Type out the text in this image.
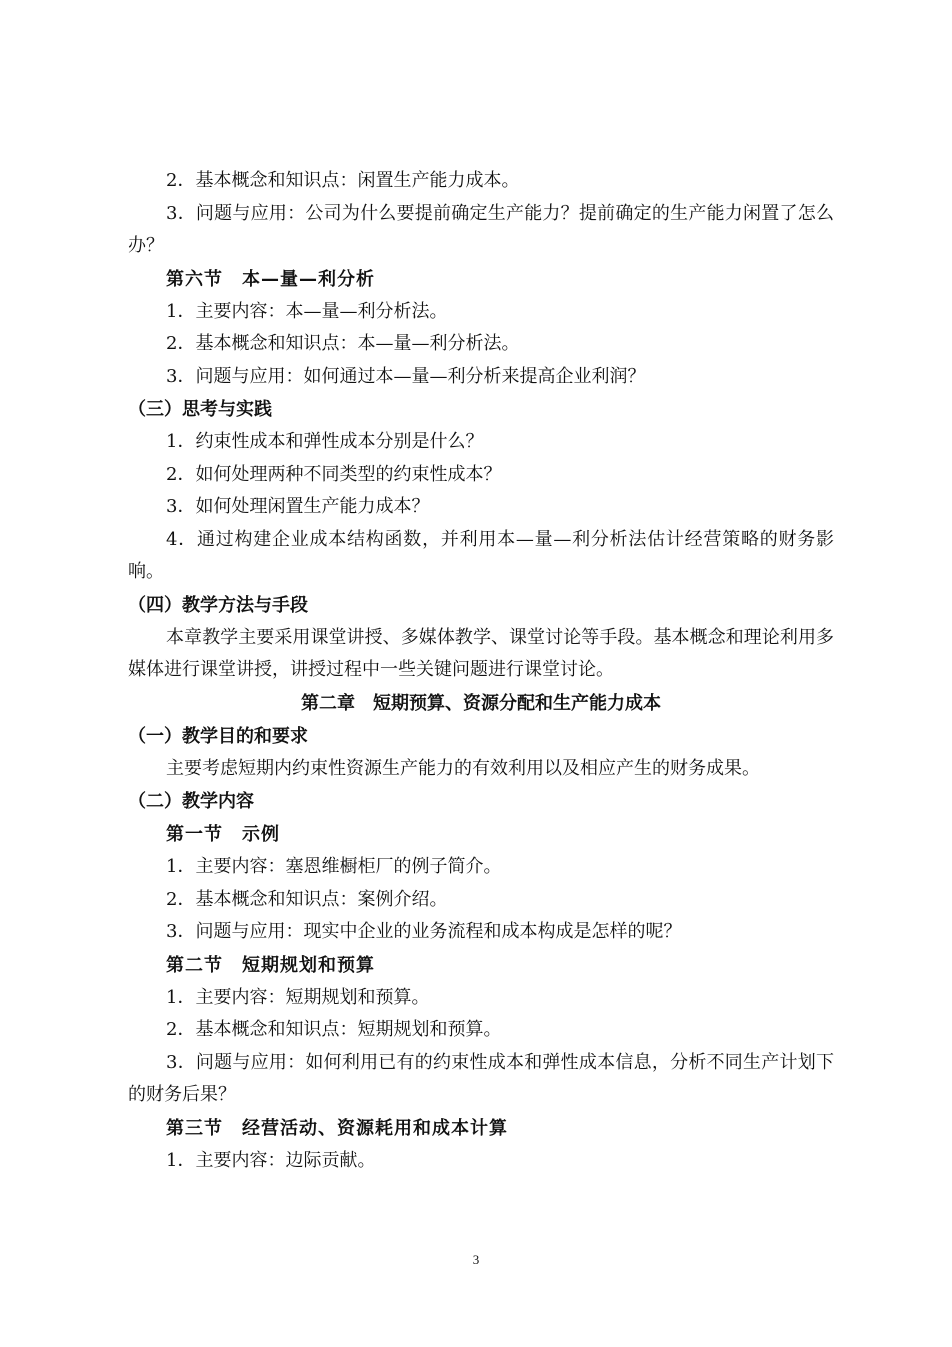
2．基本概念和知识点：闲置生产能力成本。

3．问题与应用：公司为什么要提前确定生产能力？提前确定的生产能力闲置了怎么办？

第六节　本—量—利分析

1．主要内容：本—量—利分析法。

2．基本概念和知识点：本—量—利分析法。

3．问题与应用：如何通过本—量—利分析来提高企业利润？

（三）思考与实践

1．约束性成本和弹性成本分别是什么？

2．如何处理两种不同类型的约束性成本？

3．如何处理闲置生产能力成本？

4．通过构建企业成本结构函数，并利用本—量—利分析法估计经营策略的财务影响。

（四）教学方法与手段

本章教学主要采用课堂讲授、多媒体教学、课堂讨论等手段。基本概念和理论利用多媒体进行课堂讲授，讲授过程中一些关键问题进行课堂讨论。

第二章　短期预算、资源分配和生产能力成本

（一）教学目的和要求

主要考虑短期内约束性资源生产能力的有效利用以及相应产生的财务成果。

（二）教学内容

第一节　示例

1．主要内容：塞恩维橱柜厂的例子简介。

2．基本概念和知识点：案例介绍。

3．问题与应用：现实中企业的业务流程和成本构成是怎样的呢？

第二节　短期规划和预算

1．主要内容：短期规划和预算。

2．基本概念和知识点：短期规划和预算。

3．问题与应用：如何利用已有的约束性成本和弹性成本信息，分析不同生产计划下的财务后果？

第三节　经营活动、资源耗用和成本计算

1．主要内容：边际贡献。

3
